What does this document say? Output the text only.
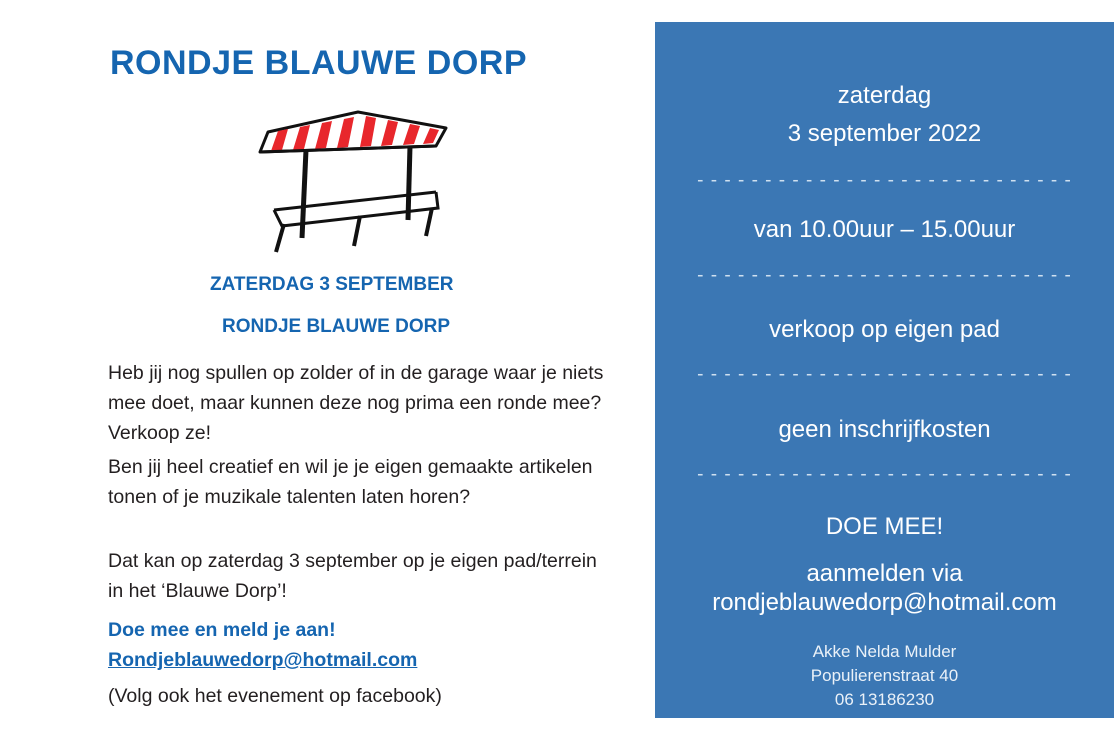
RONDJE BLAUWE DORP
ZATERDAG 3 SEPTEMBER
RONDJE BLAUWE DORP
Heb jij nog spullen op zolder of in de garage waar je niets mee doet, maar kunnen deze nog prima een ronde mee? Verkoop ze!
Ben jij heel creatief en wil je je eigen gemaakte artikelen tonen of je muzikale talenten laten horen?
Dat kan op zaterdag 3 september op je eigen pad/terrein in het ‘Blauwe Dorp’!
Doe mee en meld je aan!
Rondjeblauwedorp@hotmail.com
(Volg ook het evenement op facebook)
zaterdag
3 september 2022
- - - - - - - - - - - - - - - - - - - - - - - - - - - -
van 10.00uur – 15.00uur
- - - - - - - - - - - - - - - - - - - - - - - - - - - -
verkoop op eigen pad
- - - - - - - - - - - - - - - - - - - - - - - - - - - -
geen inschrijfkosten
- - - - - - - - - - - - - - - - - - - - - - - - - - - -
DOE MEE!
aanmelden via
rondjeblauwedorp@hotmail.com
Akke Nelda Mulder
Populierenstraat 40
06 13186230
